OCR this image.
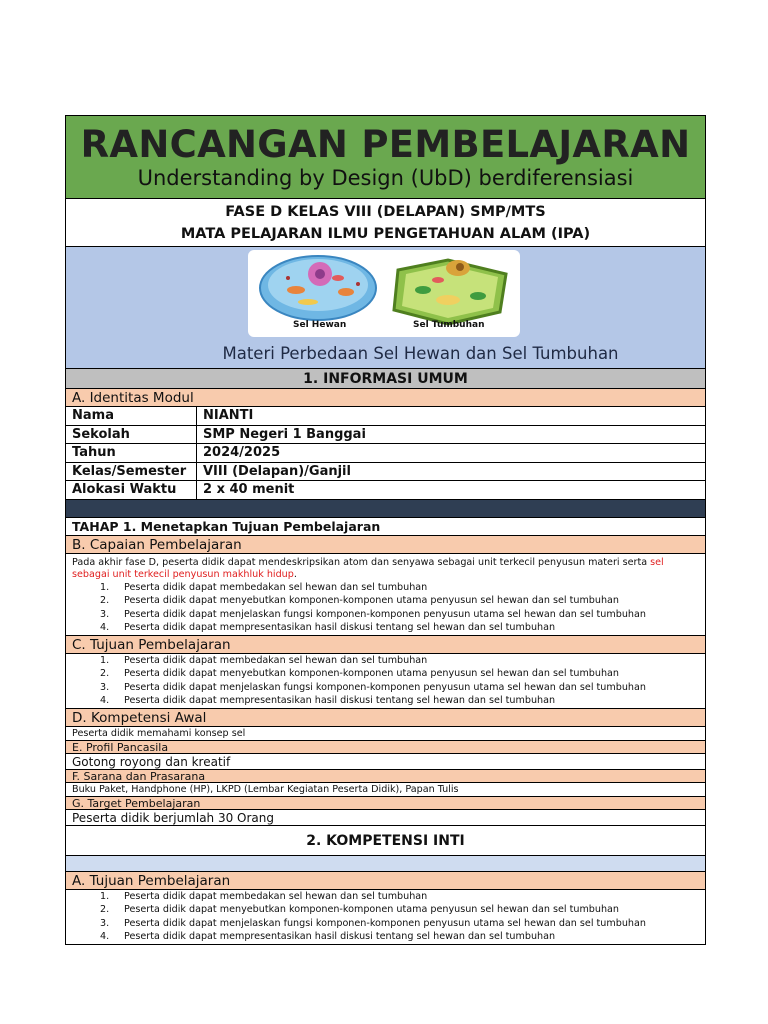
RANCANGAN PEMBELAJARAN
Understanding by Design (UbD) berdiferensiasi
FASE D KELAS VIII (DELAPAN) SMP/MTS
MATA PELAJARAN ILMU PENGETAHUAN ALAM (IPA)
Sel Hewan	Sel Tumbuhan
Materi Perbedaan Sel Hewan dan Sel Tumbuhan
1. INFORMASI UMUM
A. Identitas Modul
Nama	NIANTI
Sekolah	SMP Negeri 1 Banggai
Tahun	2024/2025
Kelas/Semester	VIII (Delapan)/Ganjil
Alokasi Waktu	2 x 40 menit
TAHAP 1. Menetapkan Tujuan Pembelajaran
B. Capaian Pembelajaran
Pada akhir fase D, peserta didik dapat mendeskripsikan atom dan senyawa sebagai unit terkecil penyusun materi serta sel sebagai unit terkecil penyusun makhluk hidup.
1. Peserta didik dapat membedakan sel hewan dan sel tumbuhan
2. Peserta didik dapat menyebutkan komponen-komponen utama penyusun sel hewan dan sel tumbuhan
3. Peserta didik dapat menjelaskan fungsi komponen-komponen penyusun utama sel hewan dan sel tumbuhan
4. Peserta didik dapat mempresentasikan hasil diskusi tentang sel hewan dan sel tumbuhan
C. Tujuan Pembelajaran
1. Peserta didik dapat membedakan sel hewan dan sel tumbuhan
2. Peserta didik dapat menyebutkan komponen-komponen utama penyusun sel hewan dan sel tumbuhan
3. Peserta didik dapat menjelaskan fungsi komponen-komponen penyusun utama sel hewan dan sel tumbuhan
4. Peserta didik dapat mempresentasikan hasil diskusi tentang sel hewan dan sel tumbuhan
D. Kompetensi Awal
Peserta didik memahami konsep sel
E. Profil Pancasila
Gotong royong dan kreatif
F. Sarana dan Prasarana
Buku Paket, Handphone (HP), LKPD (Lembar Kegiatan Peserta Didik), Papan Tulis
G. Target Pembelajaran
Peserta didik berjumlah 30 Orang
2. KOMPETENSI INTI
A. Tujuan Pembelajaran
1. Peserta didik dapat membedakan sel hewan dan sel tumbuhan
2. Peserta didik dapat menyebutkan komponen-komponen utama penyusun sel hewan dan sel tumbuhan
3. Peserta didik dapat menjelaskan fungsi komponen-komponen penyusun utama sel hewan dan sel tumbuhan
4. Peserta didik dapat mempresentasikan hasil diskusi tentang sel hewan dan sel tumbuhan
